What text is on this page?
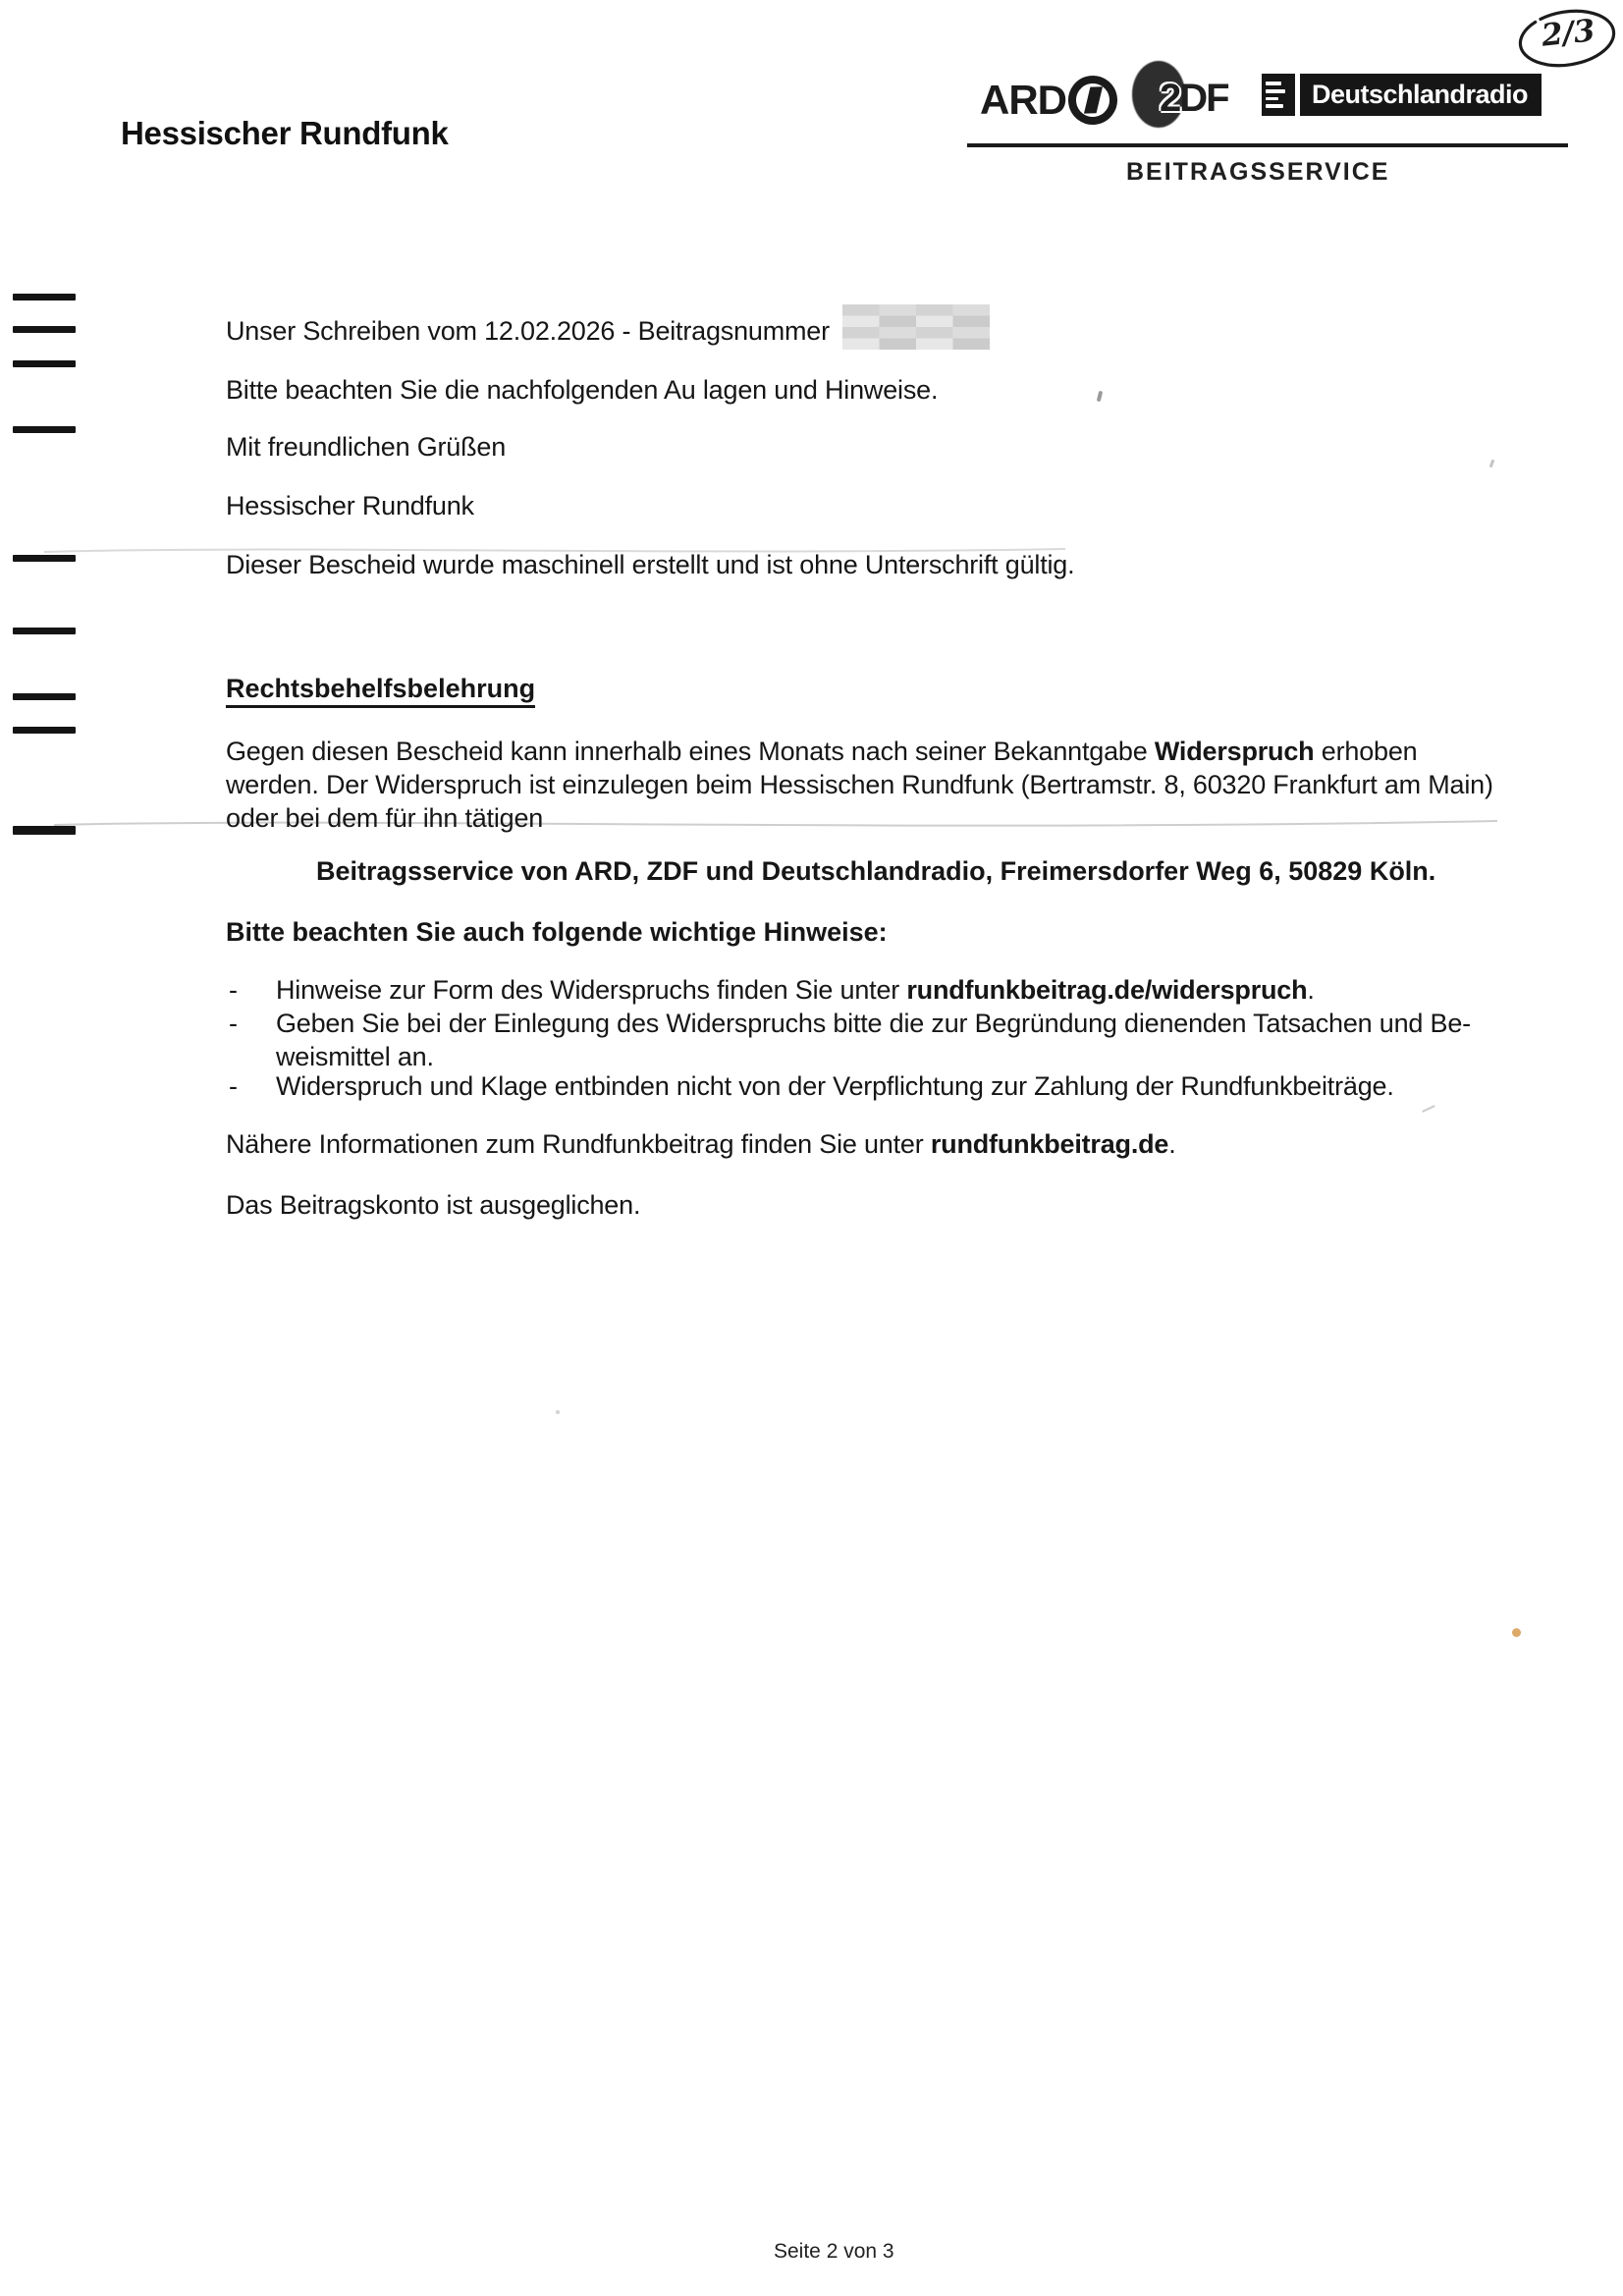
Hessischer Rundfunk
ARD 2DF	Deutschlandradio
BEITRAGSSERVICE
2/3
Unser Schreiben vom 12.02.2026 - Beitragsnummer
Bitte beachten Sie die nachfolgenden Au lagen und Hinweise.
Mit freundlichen Grüßen
Hessischer Rundfunk
Dieser Bescheid wurde maschinell erstellt und ist ohne Unterschrift gültig.
Rechtsbehelfsbelehrung
Gegen diesen Bescheid kann innerhalb eines Monats nach seiner Bekanntgabe Widerspruch erhoben
werden. Der Widerspruch ist einzulegen beim Hessischen Rundfunk (Bertramstr. 8, 60320 Frankfurt am Main)
oder bei dem für ihn tätigen
Beitragsservice von ARD, ZDF und Deutschlandradio, Freimersdorfer Weg 6, 50829 Köln.
Bitte beachten Sie auch folgende wichtige Hinweise:
-	Hinweise zur Form des Widerspruchs finden Sie unter rundfunkbeitrag.de/widerspruch.
-	Geben Sie bei der Einlegung des Widerspruchs bitte die zur Begründung dienenden Tatsachen und Be-
weismittel an.
-	Widerspruch und Klage entbinden nicht von der Verpflichtung zur Zahlung der Rundfunkbeiträge.
Nähere Informationen zum Rundfunkbeitrag finden Sie unter rundfunkbeitrag.de.
Das Beitragskonto ist ausgeglichen.
Seite 2 von 3
